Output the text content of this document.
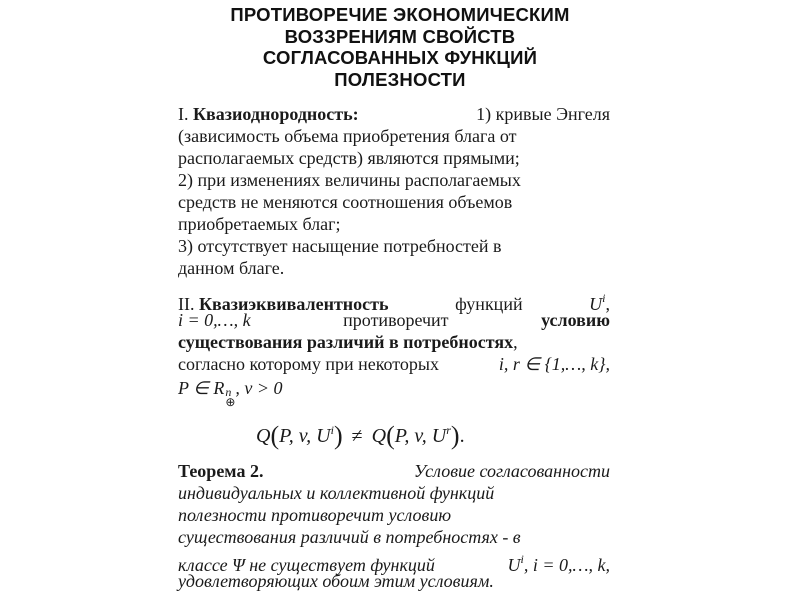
ПРОТИВОРЕЧИЕ ЭКОНОМИЧЕСКИМ
ВОЗЗРЕНИЯМ СВОЙСТВ
СОГЛАСОВАННЫХ ФУНКЦИЙ
ПОЛЕЗНОСТИ
I. Квазиоднородность:	1) кривые Энгеля
(зависимость объема приобретения блага от
располагаемых средств) являются прямыми;
2) при изменениях величины располагаемых
средств не меняются соотношения объемов
приобретаемых благ;
3) отсутствует насыщение потребностей в
данном благе.
II. Квазиэквивалентность	функций	$U^i$,
i = 0,…, k	противоречит	условию
существования различий в потребностях,
согласно которому при некоторых	i, r ∈ {1,…, k},
P ∈ R n
⊕
, v > 0
Q(P, v, $U^i) \ne Q(P$, v, $U^r$).
Теорема 2.	Условие согласованности
индивидуальных и коллективной функций
полезности противоречит условию
существования различий в потребностях - в
классе Ψ не существует функций	$U^i$, i = 0,…, k,
удовлетворяющих обоим этим условиям.
